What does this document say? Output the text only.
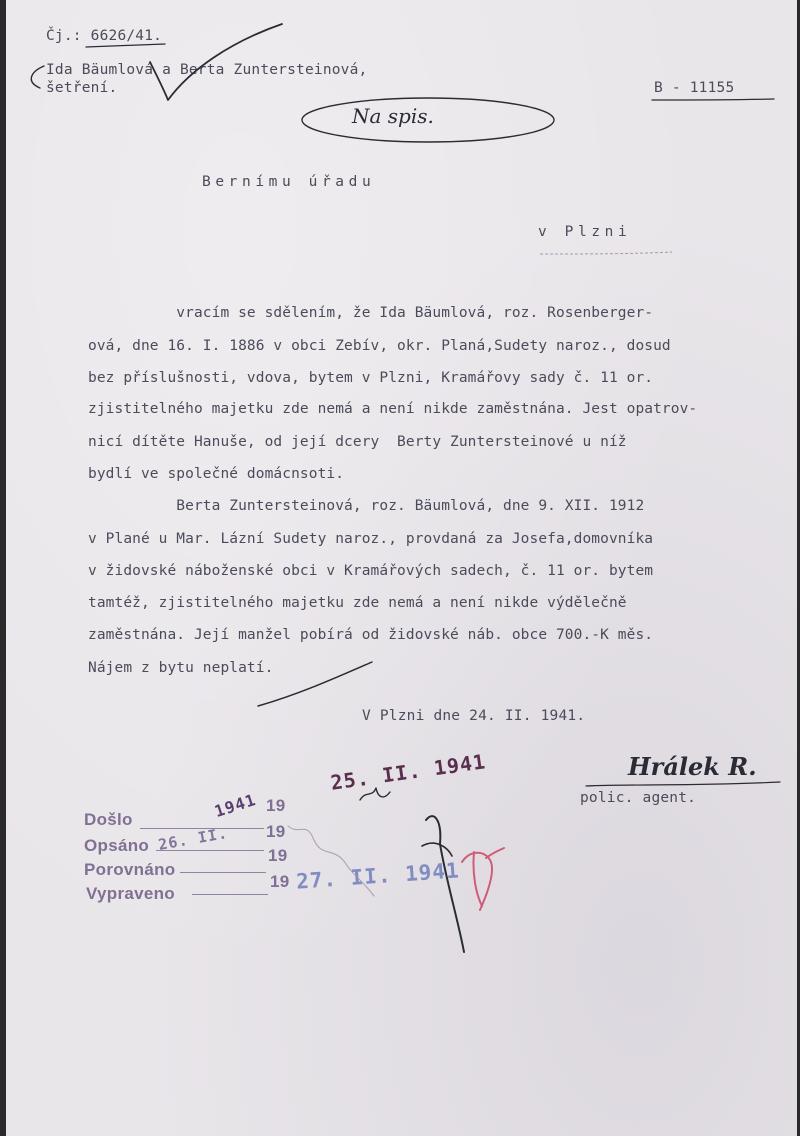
Čj.: 6626/41.
Ida Bäumlová a Berta Zuntersteinová,
šetření.	B - 11155
Na spis.
Bernímu úřadu
v Plzni
vracím se sdělením, že Ida Bäumlová, roz. Rosenberger-
ová, dne 16. I. 1886 v obci Zebív, okr. Planá,Sudety naroz., dosud
bez příslušnosti, vdova, bytem v Plzni, Kramářovy sady č. 11 or.
zjistitelného majetku zde nemá a není nikde zaměstnána. Jest opatrov-
nicí dítěte Hanuše, od její dcery  Berty Zuntersteinové u níž
bydlí ve společné domácnsoti.
Berta Zuntersteinová, roz. Bäumlová, dne 9. XII. 1912
v Plané u Mar. Lázní Sudety naroz., provdaná za Josefa,domovníka
v židovské náboženské obci v Kramářových sadech, č. 11 or. bytem
tamtéž, zjistitelného majetku zde nemá a není nikde výdělečně
zaměstnána. Její manžel pobírá od židovské náb. obce 700.-K měs.
Nájem z bytu neplatí.
V Plzni dne 24. II. 1941.
Hrálek R.
polic. agent.
Došlo
19
Opsáno
19
Porovnáno
19
Vypraveno
19
1941
26. II.
25. II. 1941
27. II. 1941
